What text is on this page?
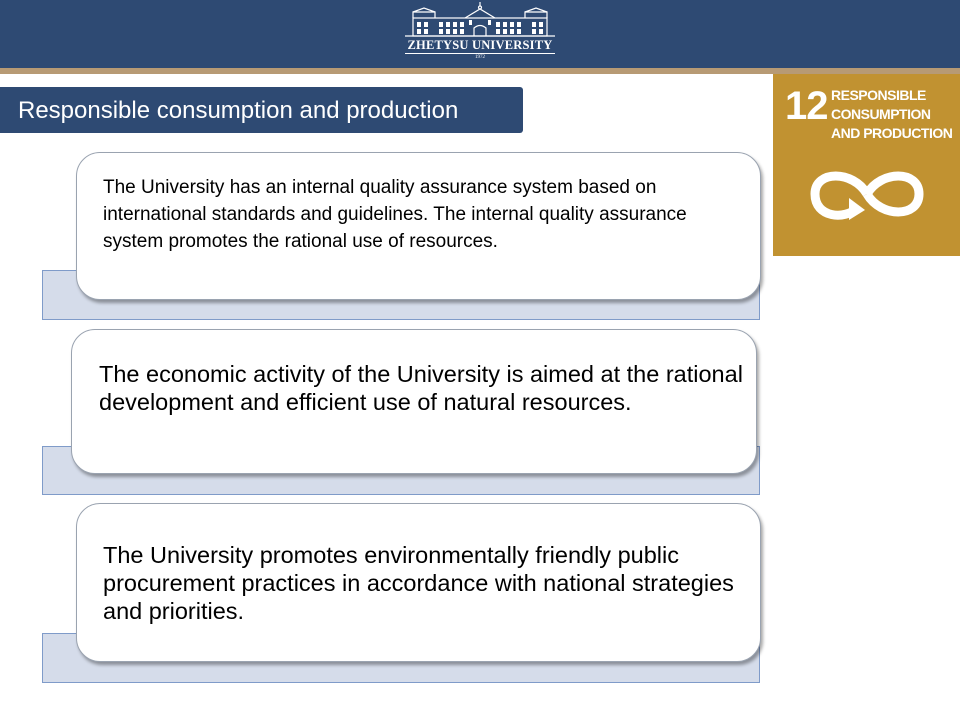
ZHETYSU UNIVERSITY
1972
Responsible consumption and production	12 RESPONSIBLE
CONSUMPTION
AND PRODUCTION

The University has an internal quality assurance system based on international standards and guidelines. The internal quality assurance system promotes the rational use of resources.

The economic activity of the University is aimed at the rational development and efficient use of natural resources.

The University promotes environmentally friendly public procurement practices in accordance with national strategies and priorities.
